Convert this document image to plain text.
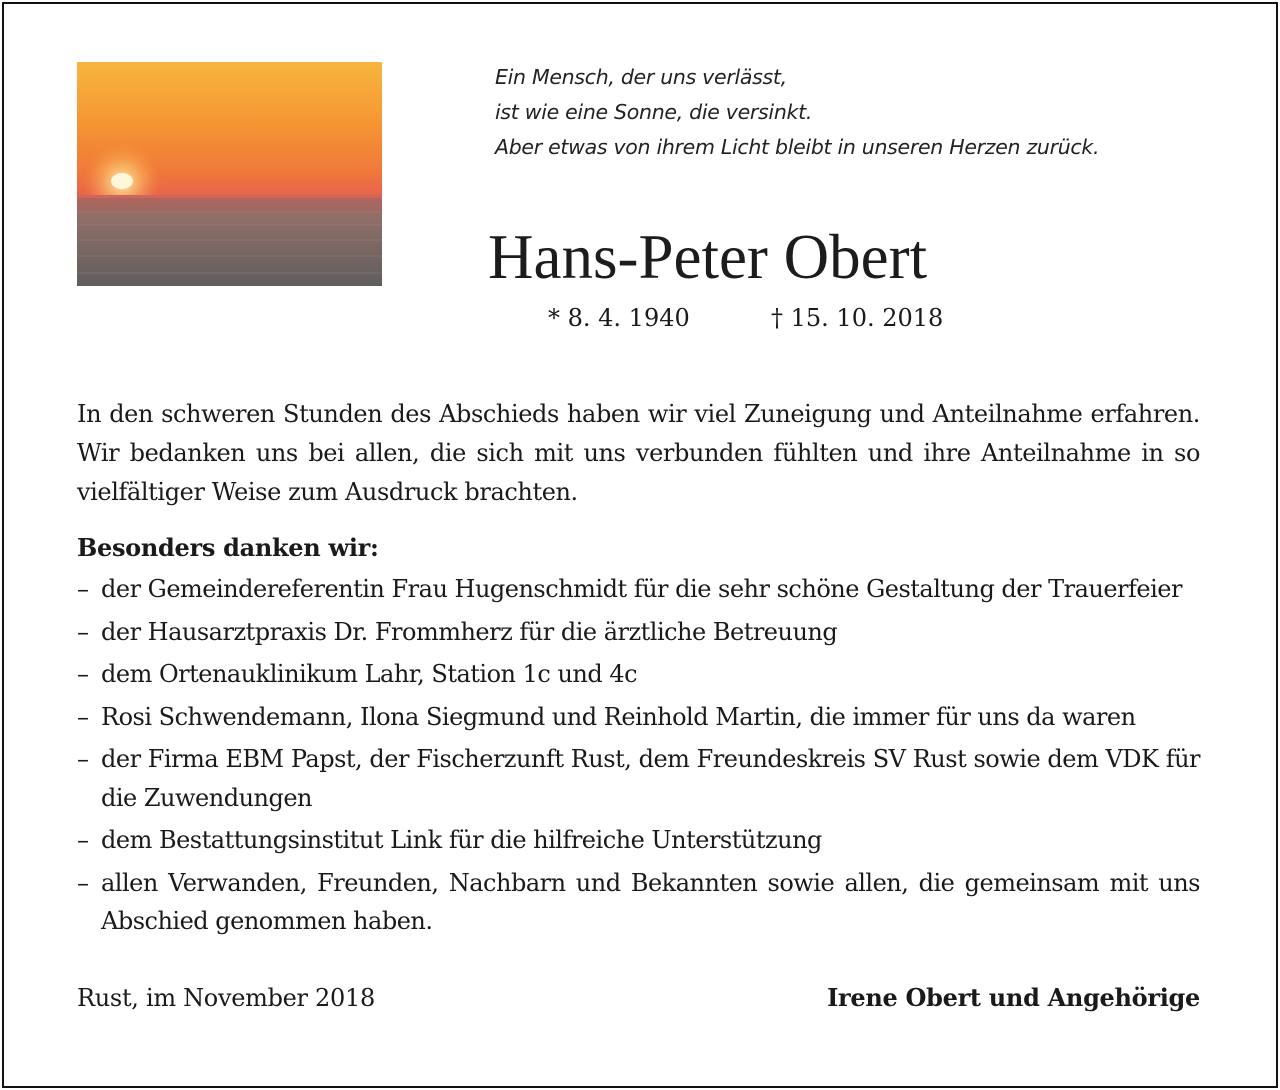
Ein Mensch, der uns verlässt,
ist wie eine Sonne, die versinkt.
Aber etwas von ihrem Licht bleibt in unseren Herzen zurück.
Hans-Peter Obert
* 8. 4. 1940	† 15. 10. 2018
In den schweren Stunden des Abschieds haben wir viel Zuneigung und Anteilnahme erfahren. Wir bedanken uns bei allen, die sich mit uns verbunden fühlten und ihre Anteilnahme in so vielfältiger Weise zum Ausdruck brachten.
Besonders danken wir:
– der Gemeindereferentin Frau Hugenschmidt für die sehr schöne Gestaltung der Trauerfeier
– der Hausarztpraxis Dr. Frommherz für die ärztliche Betreuung
– dem Ortenauklinikum Lahr, Station 1c und 4c
– Rosi Schwendemann, Ilona Siegmund und Reinhold Martin, die immer für uns da waren
– der Firma EBM Papst, der Fischerzunft Rust, dem Freundeskreis SV Rust sowie dem VDK für die Zuwendungen
– dem Bestattungsinstitut Link für die hilfreiche Unterstützung
– allen Verwanden, Freunden, Nachbarn und Bekannten sowie allen, die gemeinsam mit uns Abschied genommen haben.
Rust, im November 2018	Irene Obert und Angehörige
